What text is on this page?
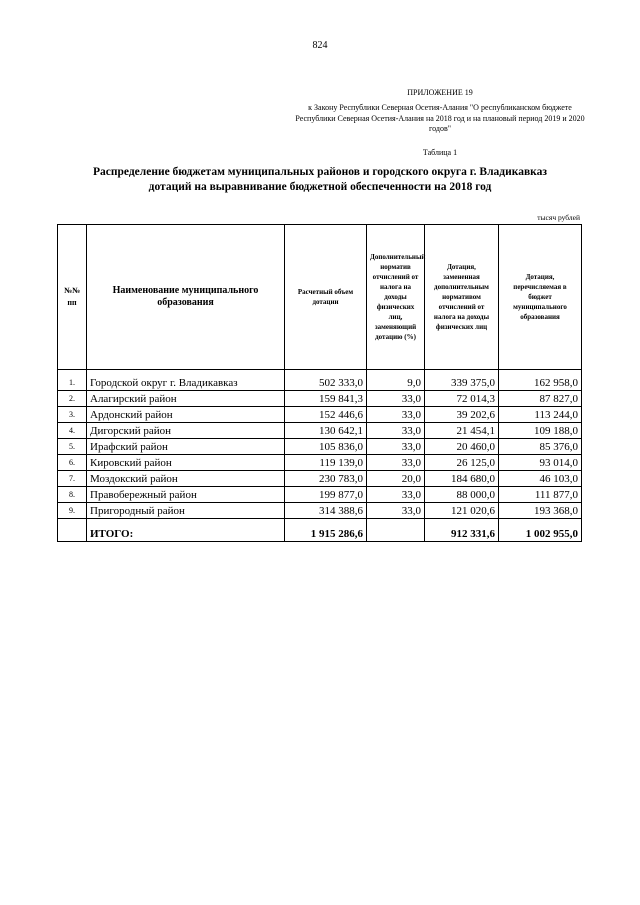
824
ПРИЛОЖЕНИЕ 19
к Закону Республики Северная Осетия-Алания "О республиканском бюджете Республики Северная Осетия-Алания на 2018 год и на плановый период 2019 и 2020 годов"
Таблица 1
Распределение бюджетам муниципальных районов и городского округа г. Владикавказ
дотаций на выравнивание бюджетной обеспеченности на 2018 год
тысяч рублей
№№ пп	Наименование муниципального образования	Расчетный объем дотации	Дополнительный норматив отчислений от налога на доходы физических лиц, заменяющий дотацию (%)	Дотация, замененная дополнительным нормативом отчислений от налога на доходы физических лиц	Дотация, перечисляемая в бюджет муниципального образования
1.	Городской округ г. Владикавказ	502 333,0	9,0	339 375,0	162 958,0
2.	Алагирский район	159 841,3	33,0	72 014,3	87 827,0
3.	Ардонский район	152 446,6	33,0	39 202,6	113 244,0
4.	Дигорский район	130 642,1	33,0	21 454,1	109 188,0
5.	Ирафский район	105 836,0	33,0	20 460,0	85 376,0
6.	Кировский район	119 139,0	33,0	26 125,0	93 014,0
7.	Моздокский район	230 783,0	20,0	184 680,0	46 103,0
8.	Правобережный район	199 877,0	33,0	88 000,0	111 877,0
9.	Пригородный район	314 388,6	33,0	121 020,6	193 368,0
	ИТОГО:	1 915 286,6		912 331,6	1 002 955,0
